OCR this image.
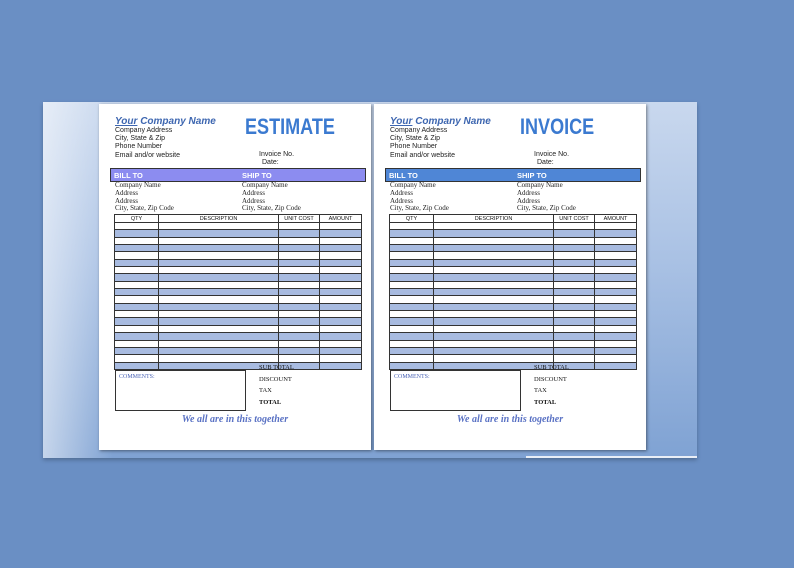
Your Company Name
Company Address
City, State & Zip
Phone Number
Email and/or website
ESTIMATE
Invoice No.
Date:
BILL TO	SHIP TO
Company Name
Address
Address
City, State, Zip Code
Company Name
Address
Address
City, State, Zip Code
QTY	DESCRIPTION	UNIT COST	AMOUNT

COMMENTS:
SUB TOTAL
DISCOUNT
TAX
TOTAL
We all are in this together
Your Company Name
Company Address
City, State & Zip
Phone Number
Email and/or website
INVOICE
Invoice No.
Date:
BILL TO	SHIP TO
Company Name
Address
Address
City, State, Zip Code
Company Name
Address
Address
City, State, Zip Code
QTY	DESCRIPTION	UNIT COST	AMOUNT

COMMENTS:
SUB TOTAL
DISCOUNT
TAX
TOTAL
We all are in this together
